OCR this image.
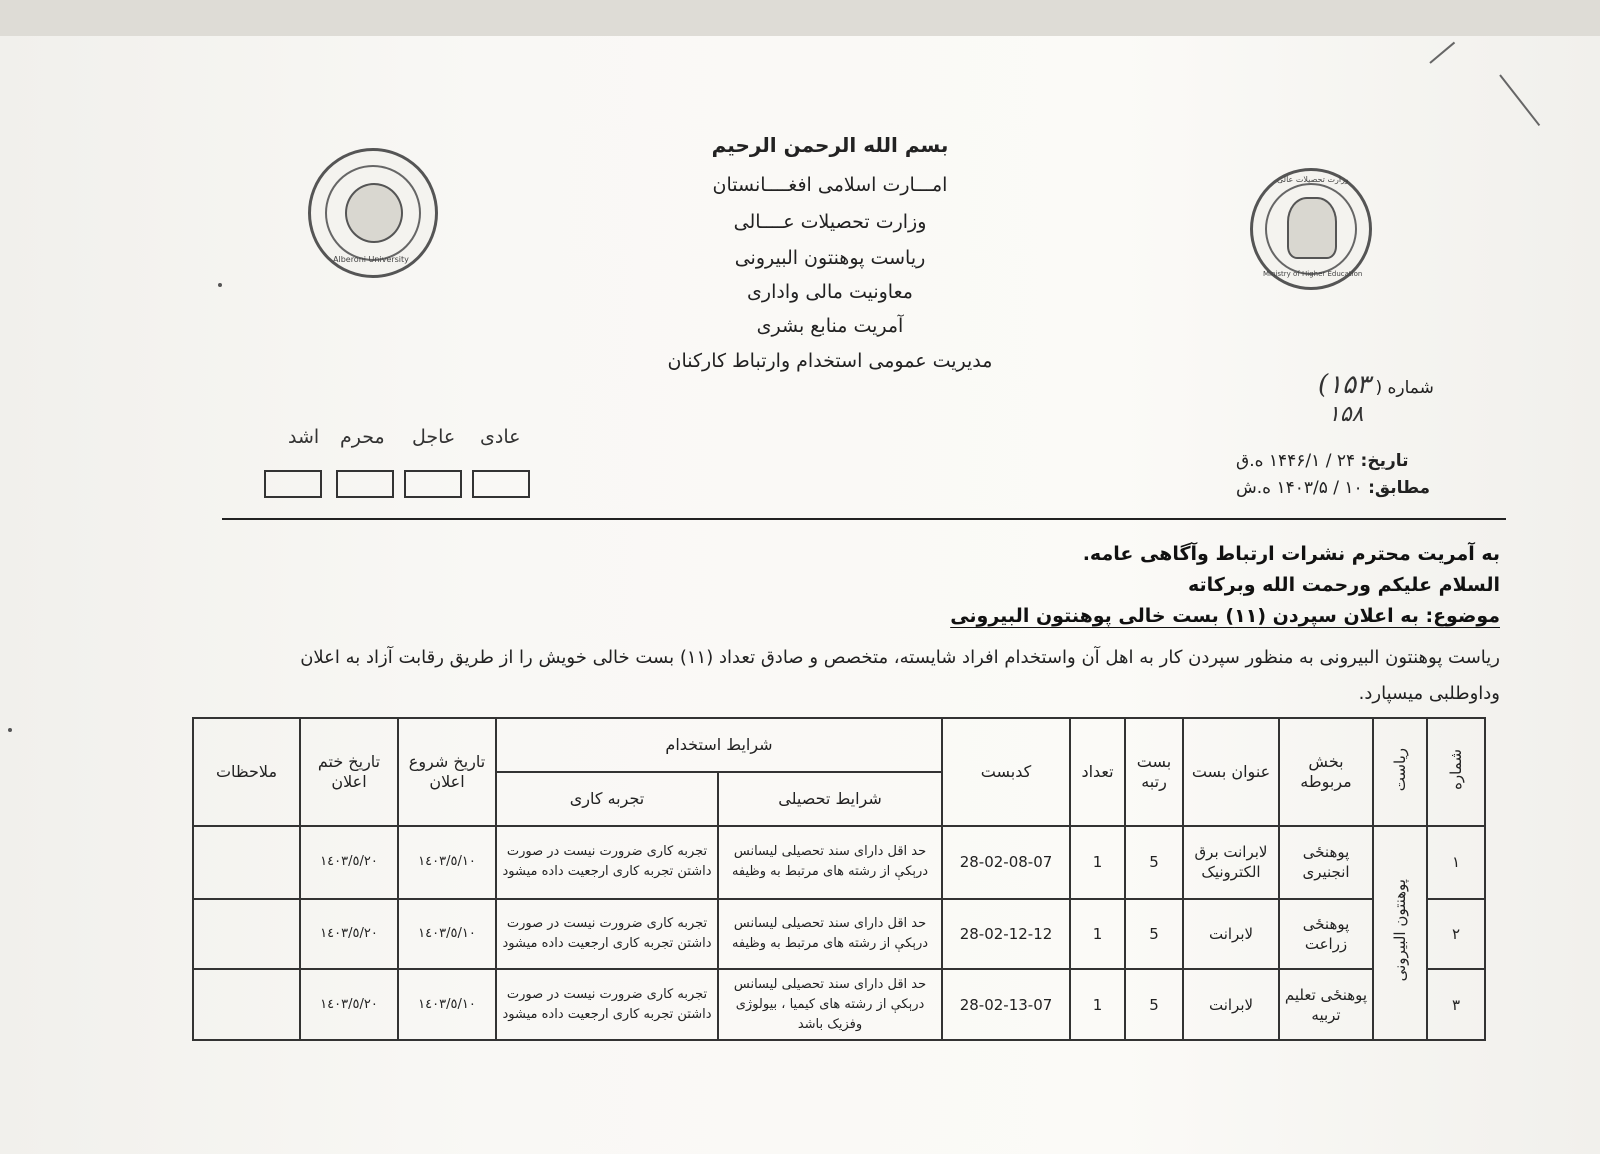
Alberoni University
وزارت تحصیلات عالی
Ministry of Higher Education
بسم الله الرحمن الرحیم
امـــارت اسلامی افغــــانستان
وزارت تحصیلات عــــالی
ریاست پوهنتون البیرونی
معاونیت مالی واداری
آمریت منابع بشری
مدیریت عمومی استخدام وارتباط کارکنان
عادی
عاجل
محرم
اشد
شماره ( ۱۵۳)
۱۵۸
تاریخ: ۲۴ / ۱۴۴۶/۱ ه.ق
مطابق: ۱۰ / ۱۴۰۳/۵ ه.ش
به آمریت محترم نشرات ارتباط وآگاهی عامه.
السلام علیکم ورحمت الله وبرکاته
موضوع: به اعلان سپردن (۱۱) بست خالی پوهنتون البیرونی
ریاست پوهنتون البیرونی به منظور سپردن کار به اهل آن واستخدام افراد شایسته، متخصص و صادق تعداد (۱۱) بست خالی خویش را از طریق رقابت آزاد به اعلان وداوطلبی میسپارد.
شماره	ریاست	بخش مربوطه	عنوان بست	بست رتبه	تعداد	کدبست	شرایط استخدام		تاریخ شروع اعلان	تاریخ ختم اعلان	ملاحظات
							شرایط تحصیلی	تجربه کاری			
۱	پوهنتون البیرونی	پوهنځی انجنیری	لابرانت برق الکترونیک	5	1	28-02-08-07	حد اقل دارای سند تحصیلی لیسانس درېکې از رشته های مرتبط به وظیفه	تجربه کاری ضرورت نیست در صورت داشتن تجربه کاری ارجعیت داده میشود	١٤٠٣/٥/١٠	١٤٠٣/٥/٢٠	
۲		پوهنځی زراعت	لابرانت	5	1	28-02-12-12	حد اقل دارای سند تحصیلی لیسانس درېکې از رشته های مرتبط به وظیفه	تجربه کاری ضرورت نیست در صورت داشتن تجربه کاری ارجعیت داده میشود	١٤٠٣/٥/١٠	١٤٠٣/٥/٢٠	
۳		پوهنځی تعلیم تربیه	لابرانت	5	1	28-02-13-07	حد اقل دارای سند تحصیلی لیسانس درېکې از رشته های کیمیا ، بیولوژی وفزیک باشد	تجربه کاری ضرورت نیست در صورت داشتن تجربه کاری ارجعیت داده میشود	١٤٠٣/٥/١٠	١٤٠٣/٥/٢٠	
